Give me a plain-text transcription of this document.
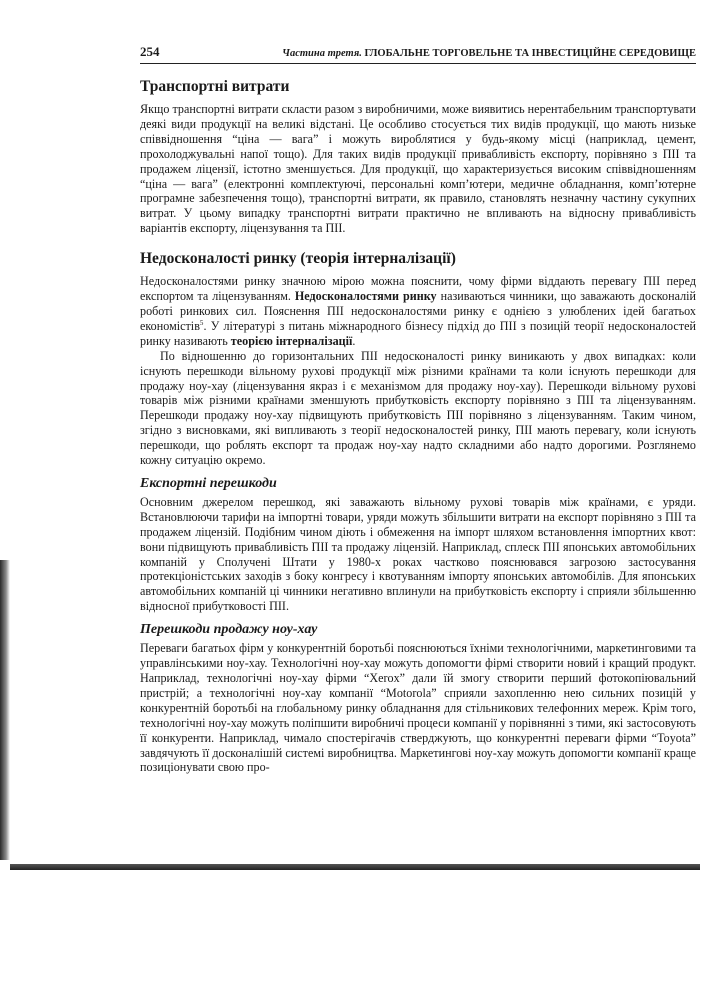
254	Частина третя. ГЛОБАЛЬНЕ ТОРГОВЕЛЬНЕ ТА ІНВЕСТИЦІЙНЕ СЕРЕДОВИЩЕ
Транспортні витрати

Якщо транспортні витрати скласти разом з виробничими, може виявитись нерентабельним транспортувати деякі види продукції на великі відстані. Це особливо стосується тих видів продукції, що мають низьке співвідношення “ціна — вага” і можуть вироблятися у будь-якому місці (наприклад, цемент, прохолоджувальні напої тощо). Для таких видів продукції привабливість експорту, порівняно з ПІІ та продажем ліцензії, істотно зменшується. Для продукції, що характеризується високим співвідношенням “ціна — вага” (електронні комплектуючі, персональні комп’ютери, медичне обладнання, комп’ютерне програмне забезпечення тощо), транспортні витрати, як правило, становлять незначну частину сукупних витрат. У цьому випадку транспортні витрати практично не впливають на відносну привабливість варіантів експорту, ліцензування та ПІІ.

Недосконалості ринку (теорія інтерналізації)

Недосконалостями ринку значною мірою можна пояснити, чому фірми віддають перевагу ПІІ перед експортом та ліцензуванням. Недосконалостями ринку називаються чинники, що заважають досконалій роботі ринкових сил. Пояснення ПІІ недосконалостями ринку є однією з улюблених ідей багатьох економістів$^5$. У літературі з питань міжнародного бізнесу підхід до ПІІ з позицій теорії недосконалостей ринку називають теорією інтерналізації.

По відношенню до горизонтальних ПІІ недосконалості ринку виникають у двох випадках: коли існують перешкоди вільному рухові продукції між різними країнами та коли існують перешкоди для продажу ноу-хау (ліцензування якраз і є механізмом для продажу ноу-хау). Перешкоди вільному рухові товарів між різними країнами зменшують прибутковість експорту порівняно з ПІІ та ліцензуванням. Перешкоди продажу ноу-хау підвищують прибутковість ПІІ порівняно з ліцензуванням. Таким чином, згідно з висновками, які випливають з теорії недосконалостей ринку, ПІІ мають перевагу, коли існують перешкоди, що роблять експорт та продаж ноу-хау надто складними або надто дорогими. Розглянемо кожну ситуацію окремо.

Експортні перешкоди

Основним джерелом перешкод, які заважають вільному рухові товарів між країнами, є уряди. Встановлюючи тарифи на імпортні товари, уряди можуть збільшити витрати на експорт порівняно з ПІІ та продажем ліцензій. Подібним чином діють і обмеження на імпорт шляхом встановлення імпортних квот: вони підвищують привабливість ПІІ та продажу ліцензій. Наприклад, сплеск ПІІ японських автомобільних компаній у Сполучені Штати у 1980-х роках частково пояснювався загрозою застосування протекціоністських заходів з боку конгресу і квотуванням імпорту японських автомобілів. Для японських автомобільних компаній ці чинники негативно вплинули на прибутковість експорту і сприяли збільшенню відносної прибутковості ПІІ.

Перешкоди продажу ноу-хау

Переваги багатьох фірм у конкурентній боротьбі пояснюються їхніми технологічними, маркетинговими та управлінськими ноу-хау. Технологічні ноу-хау можуть допомогти фірмі створити новий і кращий продукт. Наприклад, технологічні ноу-хау фірми “Xerox” дали їй змогу створити перший фотокопіювальний пристрій; а технологічні ноу-хау компанії “Motorola” сприяли захопленню нею сильних позицій у конкурентній боротьбі на глобальному ринку обладнання для стільникових телефонних мереж. Крім того, технологічні ноу-хау можуть поліпшити виробничі процеси компанії у порівнянні з тими, які застосовують її конкуренти. Наприклад, чимало спостерігачів стверджують, що конкурентні переваги фірми “Toyota” завдячують її досконалішій системі виробництва. Маркетингові ноу-хау можуть допомогти компанії краще позиціонувати свою про-
